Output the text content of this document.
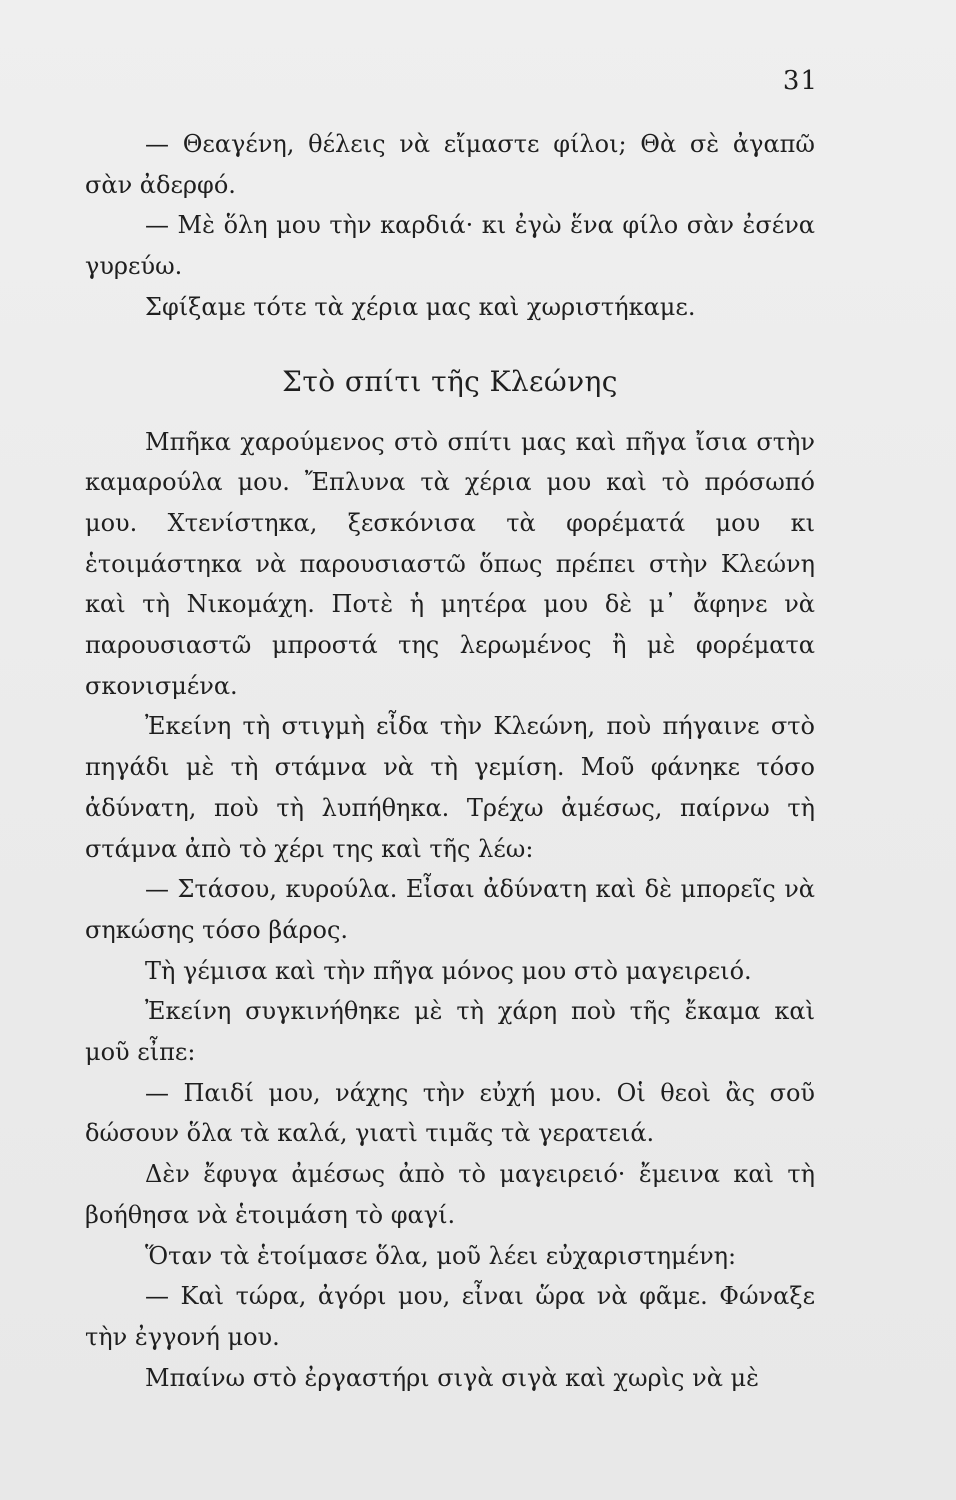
31

— Θεαγένη, θέλεις νὰ εἴμαστε φίλοι; Θὰ σὲ ἀγαπῶ σὰν ἀδερφό.

— Μὲ ὅλη μου τὴν καρδιά· κι ἐγὼ ἕνα φίλο σὰν ἐσένα γυρεύω.

Σφίξαμε τότε τὰ χέρια μας καὶ χωριστήκαμε.

Στὸ σπίτι τῆς Κλεώνης

Μπῆκα χαρούμενος στὸ σπίτι μας καὶ πῆγα ἴσια στὴν καμαρούλα μου. Ἔπλυνα τὰ χέρια μου καὶ τὸ πρόσωπό μου. Χτενίστηκα, ξεσκόνισα τὰ φορέματά μου κι ἑτοιμάστηκα νὰ παρουσιαστῶ ὅπως πρέπει στὴν Κλεώνη καὶ τὴ Νικομάχη. Ποτὲ ἡ μητέρα μου δὲ μ᾿ ἄφηνε νὰ παρουσιαστῶ μπροστά της λερωμένος ἢ μὲ φορέματα σκονισμένα.

Ἐκείνη τὴ στιγμὴ εἶδα τὴν Κλεώνη, ποὺ πήγαινε στὸ πηγάδι μὲ τὴ στάμνα νὰ τὴ γεμίση. Μοῦ φάνηκε τόσο ἀδύνατη, ποὺ τὴ λυπήθηκα. Τρέχω ἀμέσως, παίρνω τὴ στάμνα ἀπὸ τὸ χέρι της καὶ τῆς λέω:

— Στάσου, κυρούλα. Εἶσαι ἀδύνατη καὶ δὲ μπορεῖς νὰ σηκώσης τόσο βάρος.

Τὴ γέμισα καὶ τὴν πῆγα μόνος μου στὸ μαγειρειό.

Ἐκείνη συγκινήθηκε μὲ τὴ χάρη ποὺ τῆς ἔκαμα καὶ μοῦ εἶπε:

— Παιδί μου, νάχης τὴν εὐχή μου. Οἱ θεοὶ ἂς σοῦ δώσουν ὅλα τὰ καλά, γιατὶ τιμᾶς τὰ γερατειά.

Δὲν ἔφυγα ἀμέσως ἀπὸ τὸ μαγειρειό· ἔμεινα καὶ τὴ βοήθησα νὰ ἑτοιμάση τὸ φαγί.

Ὅταν τὰ ἑτοίμασε ὅλα, μοῦ λέει εὐχαριστημένη:

— Καὶ τώρα, ἀγόρι μου, εἶναι ὥρα νὰ φᾶμε. Φώναξε τὴν ἐγγονή μου.

Μπαίνω στὸ ἐργαστήρι σιγὰ σιγὰ καὶ χωρὶς νὰ μὲ
